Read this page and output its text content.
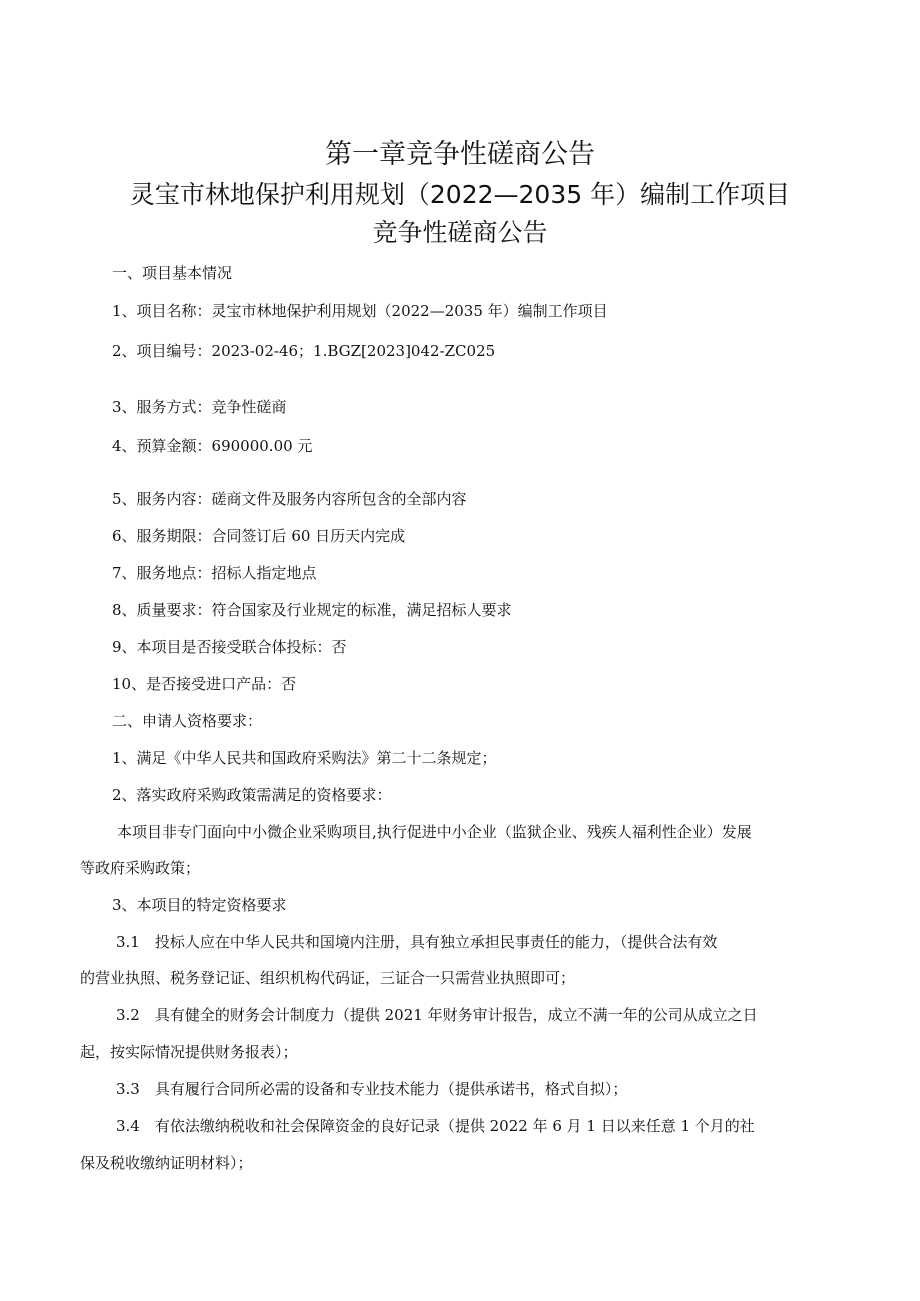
第一章竞争性磋商公告
灵宝市林地保护利用规划（2022—2035 年）编制工作项目
竞争性磋商公告
一、项目基本情况
1、项目名称：灵宝市林地保护利用规划（2022—2035 年）编制工作项目
2、项目编号：2023-02-46；1.BGZ[2023]042-ZC025
3、服务方式：竞争性磋商
4、预算金额：690000.00 元
5、服务内容：磋商文件及服务内容所包含的全部内容
6、服务期限：合同签订后 60 日历天内完成
7、服务地点：招标人指定地点
8、质量要求：符合国家及行业规定的标准，满足招标人要求
9、本项目是否接受联合体投标：否
10、是否接受进口产品：否
二、申请人资格要求：
1、满足《中华人民共和国政府采购法》第二十二条规定；
2、落实政府采购政策需满足的资格要求：
本项目非专门面向中小微企业采购项目,执行促进中小企业（监狱企业、残疾人福利性企业）发展
等政府采购政策；
3、本项目的特定资格要求
3.1　投标人应在中华人民共和国境内注册，具有独立承担民事责任的能力，（提供合法有效
的营业执照、税务登记证、组织机构代码证，三证合一只需营业执照即可；
3.2　具有健全的财务会计制度力（提供 2021 年财务审计报告，成立不满一年的公司从成立之日
起，按实际情况提供财务报表）；
3.3　具有履行合同所必需的设备和专业技术能力（提供承诺书，格式自拟）；
3.4　有依法缴纳税收和社会保障资金的良好记录（提供 2022 年 6 月 1 日以来任意 1 个月的社
保及税收缴纳证明材料）；
